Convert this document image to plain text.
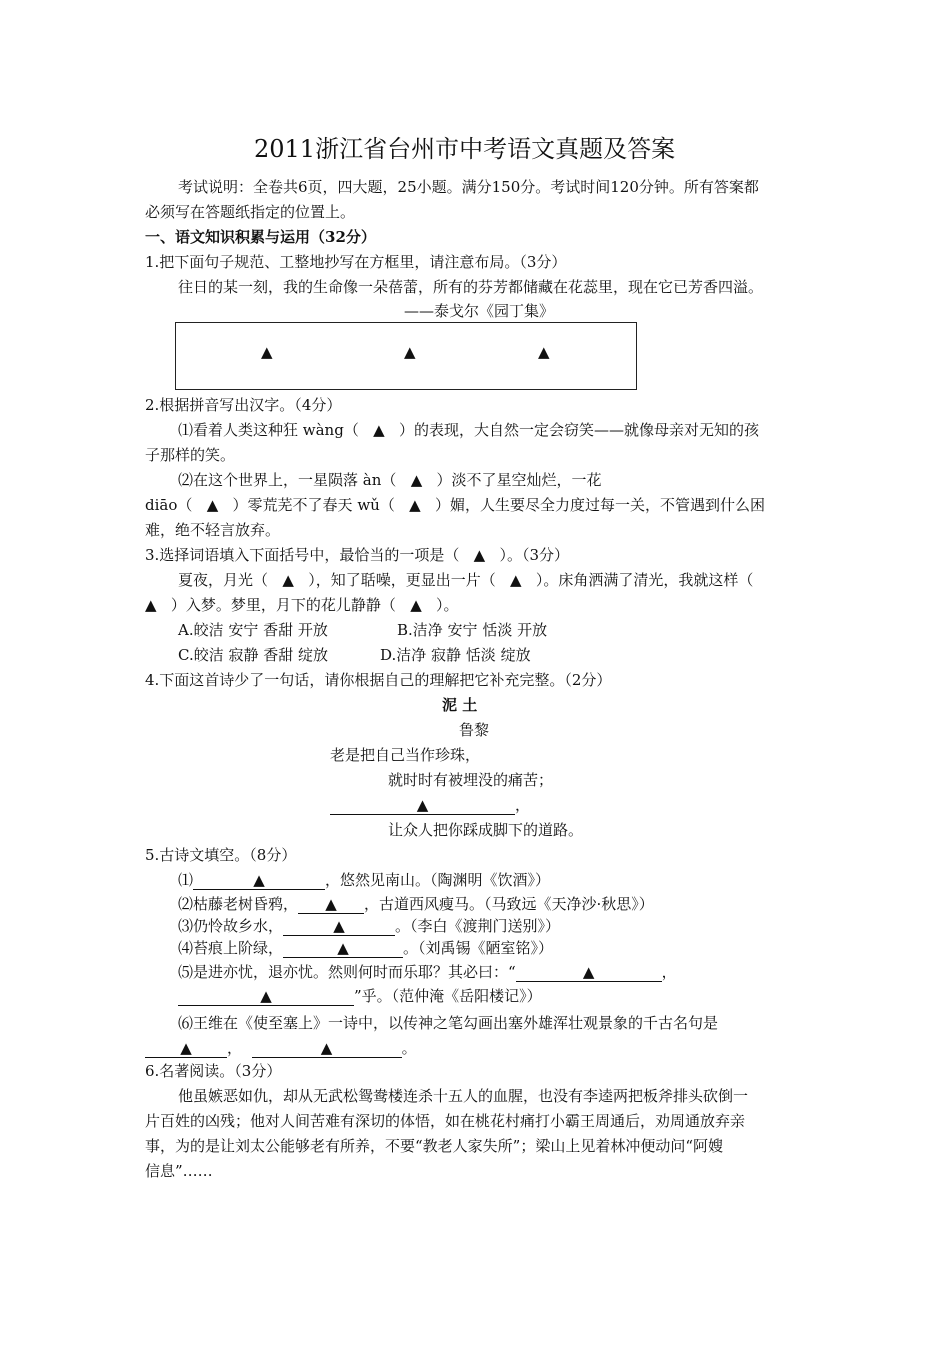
2011浙江省台州市中考语文真题及答案
考试说明：全卷共6页，四大题，25小题。满分150分。考试时间120分钟。所有答案都
必须写在答题纸指定的位置上。
一、语文知识积累与运用（32分）
1.把下面句子规范、工整地抄写在方框里，请注意布局。（3分）
往日的某一刻，我的生命像一朵蓓蕾，所有的芬芳都储藏在花蕊里，现在它已芳香四溢。
——泰戈尔《园丁集》
▲	▲	▲
2.根据拼音写出汉字。（4分）
⑴看着人类这种狂 wàng（ ▲ ）的表现，大自然一定会窃笑——就像母亲对无知的孩
子那样的笑。
⑵在这个世界上，一星陨落 àn（ ▲ ）淡不了星空灿烂，一花
diāo（ ▲ ）零荒芜不了春天 wǔ（ ▲ ）媚，人生要尽全力度过每一关，不管遇到什么困
难，绝不轻言放弃。
3.选择词语填入下面括号中，最恰当的一项是（ ▲ ）。（3分）
夏夜，月光（ ▲ ），知了聒噪，更显出一片（ ▲ ）。床角洒满了清光，我就这样（
▲ ）入梦。梦里，月下的花儿静静（ ▲ ）。
A.皎洁 安宁 香甜 开放	B.洁净 安宁 恬淡 开放
C.皎洁 寂静 香甜 绽放	D.洁净 寂静 恬淡 绽放
4.下面这首诗少了一句话，请你根据自己的理解把它补充完整。（2分）
泥 土
鲁黎
老是把自己当作珍珠，
就时时有被埋没的痛苦；
▲	，
让众人把你踩成脚下的道路。
5.古诗文填空。（8分）
⑴	▲	，悠然见南山。（陶渊明《饮酒》）
⑵枯藤老树昏鸦， ▲ ，古道西风瘦马。（马致远《天净沙·秋思》）
⑶仍怜故乡水，	▲	。（李白《渡荆门送别》）
⑷苔痕上阶绿，	▲	。（刘禹锡《陋室铭》）
⑸是进亦忧，退亦忧。然则何时而乐耶？其必曰：“	▲	，
▲	”乎。（范仲淹《岳阳楼记》）
⑹王维在《使至塞上》一诗中，以传神之笔勾画出塞外雄浑壮观景象的千古名句是
▲ ，	▲	。
6.名著阅读。（3分）
他虽嫉恶如仇，却从无武松鸳鸯楼连杀十五人的血腥，也没有李逵两把板斧排头砍倒一
片百姓的凶残；他对人间苦难有深切的体悟，如在桃花村痛打小霸王周通后，劝周通放弃亲
事，为的是让刘太公能够老有所养，不要“教老人家失所”；梁山上见着林冲便动问“阿嫂
信息”……
